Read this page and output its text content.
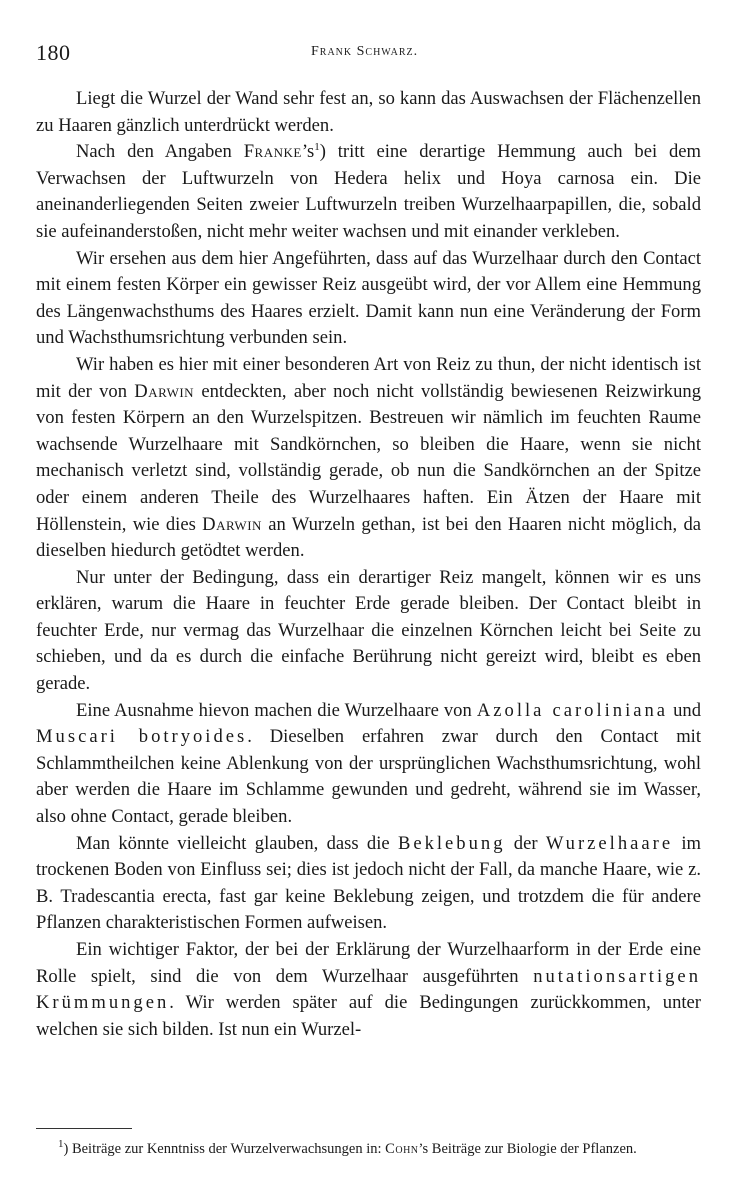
180	Frank Schwarz.

Liegt die Wurzel der Wand sehr fest an, so kann das Auswachsen der Flächenzellen zu Haaren gänzlich unterdrückt werden.

Nach den Angaben $Franke’s^1$) tritt eine derartige Hemmung auch bei dem Verwachsen der Luftwurzeln von Hedera helix und Hoya carnosa ein. Die aneinanderliegenden Seiten zweier Luftwurzeln treiben Wurzelhaarpapillen, die, sobald sie aufeinanderstoßen, nicht mehr weiter wachsen und mit einander verkleben.

Wir ersehen aus dem hier Angeführten, dass auf das Wurzelhaar durch den Contact mit einem festen Körper ein gewisser Reiz ausgeübt wird, der vor Allem eine Hemmung des Längenwachsthums des Haares erzielt. Damit kann nun eine Veränderung der Form und Wachsthumsrichtung verbunden sein.

Wir haben es hier mit einer besonderen Art von Reiz zu thun, der nicht identisch ist mit der von Darwin entdeckten, aber noch nicht vollständig bewiesenen Reizwirkung von festen Körpern an den Wurzelspitzen. Bestreuen wir nämlich im feuchten Raume wachsende Wurzelhaare mit Sandkörnchen, so bleiben die Haare, wenn sie nicht mechanisch verletzt sind, vollständig gerade, ob nun die Sandkörnchen an der Spitze oder einem anderen Theile des Wurzelhaares haften. Ein Ätzen der Haare mit Höllenstein, wie dies Darwin an Wurzeln gethan, ist bei den Haaren nicht möglich, da dieselben hiedurch getödtet werden.

Nur unter der Bedingung, dass ein derartiger Reiz mangelt, können wir es uns erklären, warum die Haare in feuchter Erde gerade bleiben. Der Contact bleibt in feuchter Erde, nur vermag das Wurzelhaar die einzelnen Körnchen leicht bei Seite zu schieben, und da es durch die einfache Berührung nicht gereizt wird, bleibt es eben gerade.

Eine Ausnahme hievon machen die Wurzelhaare von Azolla caroliniana und Muscari botryoides. Dieselben erfahren zwar durch den Contact mit Schlammtheilchen keine Ablenkung von der ursprünglichen Wachsthumsrichtung, wohl aber werden die Haare im Schlamme gewunden und gedreht, während sie im Wasser, also ohne Contact, gerade bleiben.

Man könnte vielleicht glauben, dass die Beklebung der Wurzelhaare im trockenen Boden von Einfluss sei; dies ist jedoch nicht der Fall, da manche Haare, wie z. B. Tradescantia erecta, fast gar keine Beklebung zeigen, und trotzdem die für andere Pflanzen charakteristischen Formen aufweisen.

Ein wichtiger Faktor, der bei der Erklärung der Wurzelhaarform in der Erde eine Rolle spielt, sind die von dem Wurzelhaar ausgeführten nutationsartigen Krümmungen. Wir werden später auf die Bedingungen zurückkommen, unter welchen sie sich bilden. Ist nun ein Wurzel-

$^1$) Beiträge zur Kenntniss der Wurzelverwachsungen in: Cohn’s Beiträge zur Biologie der Pflanzen.
